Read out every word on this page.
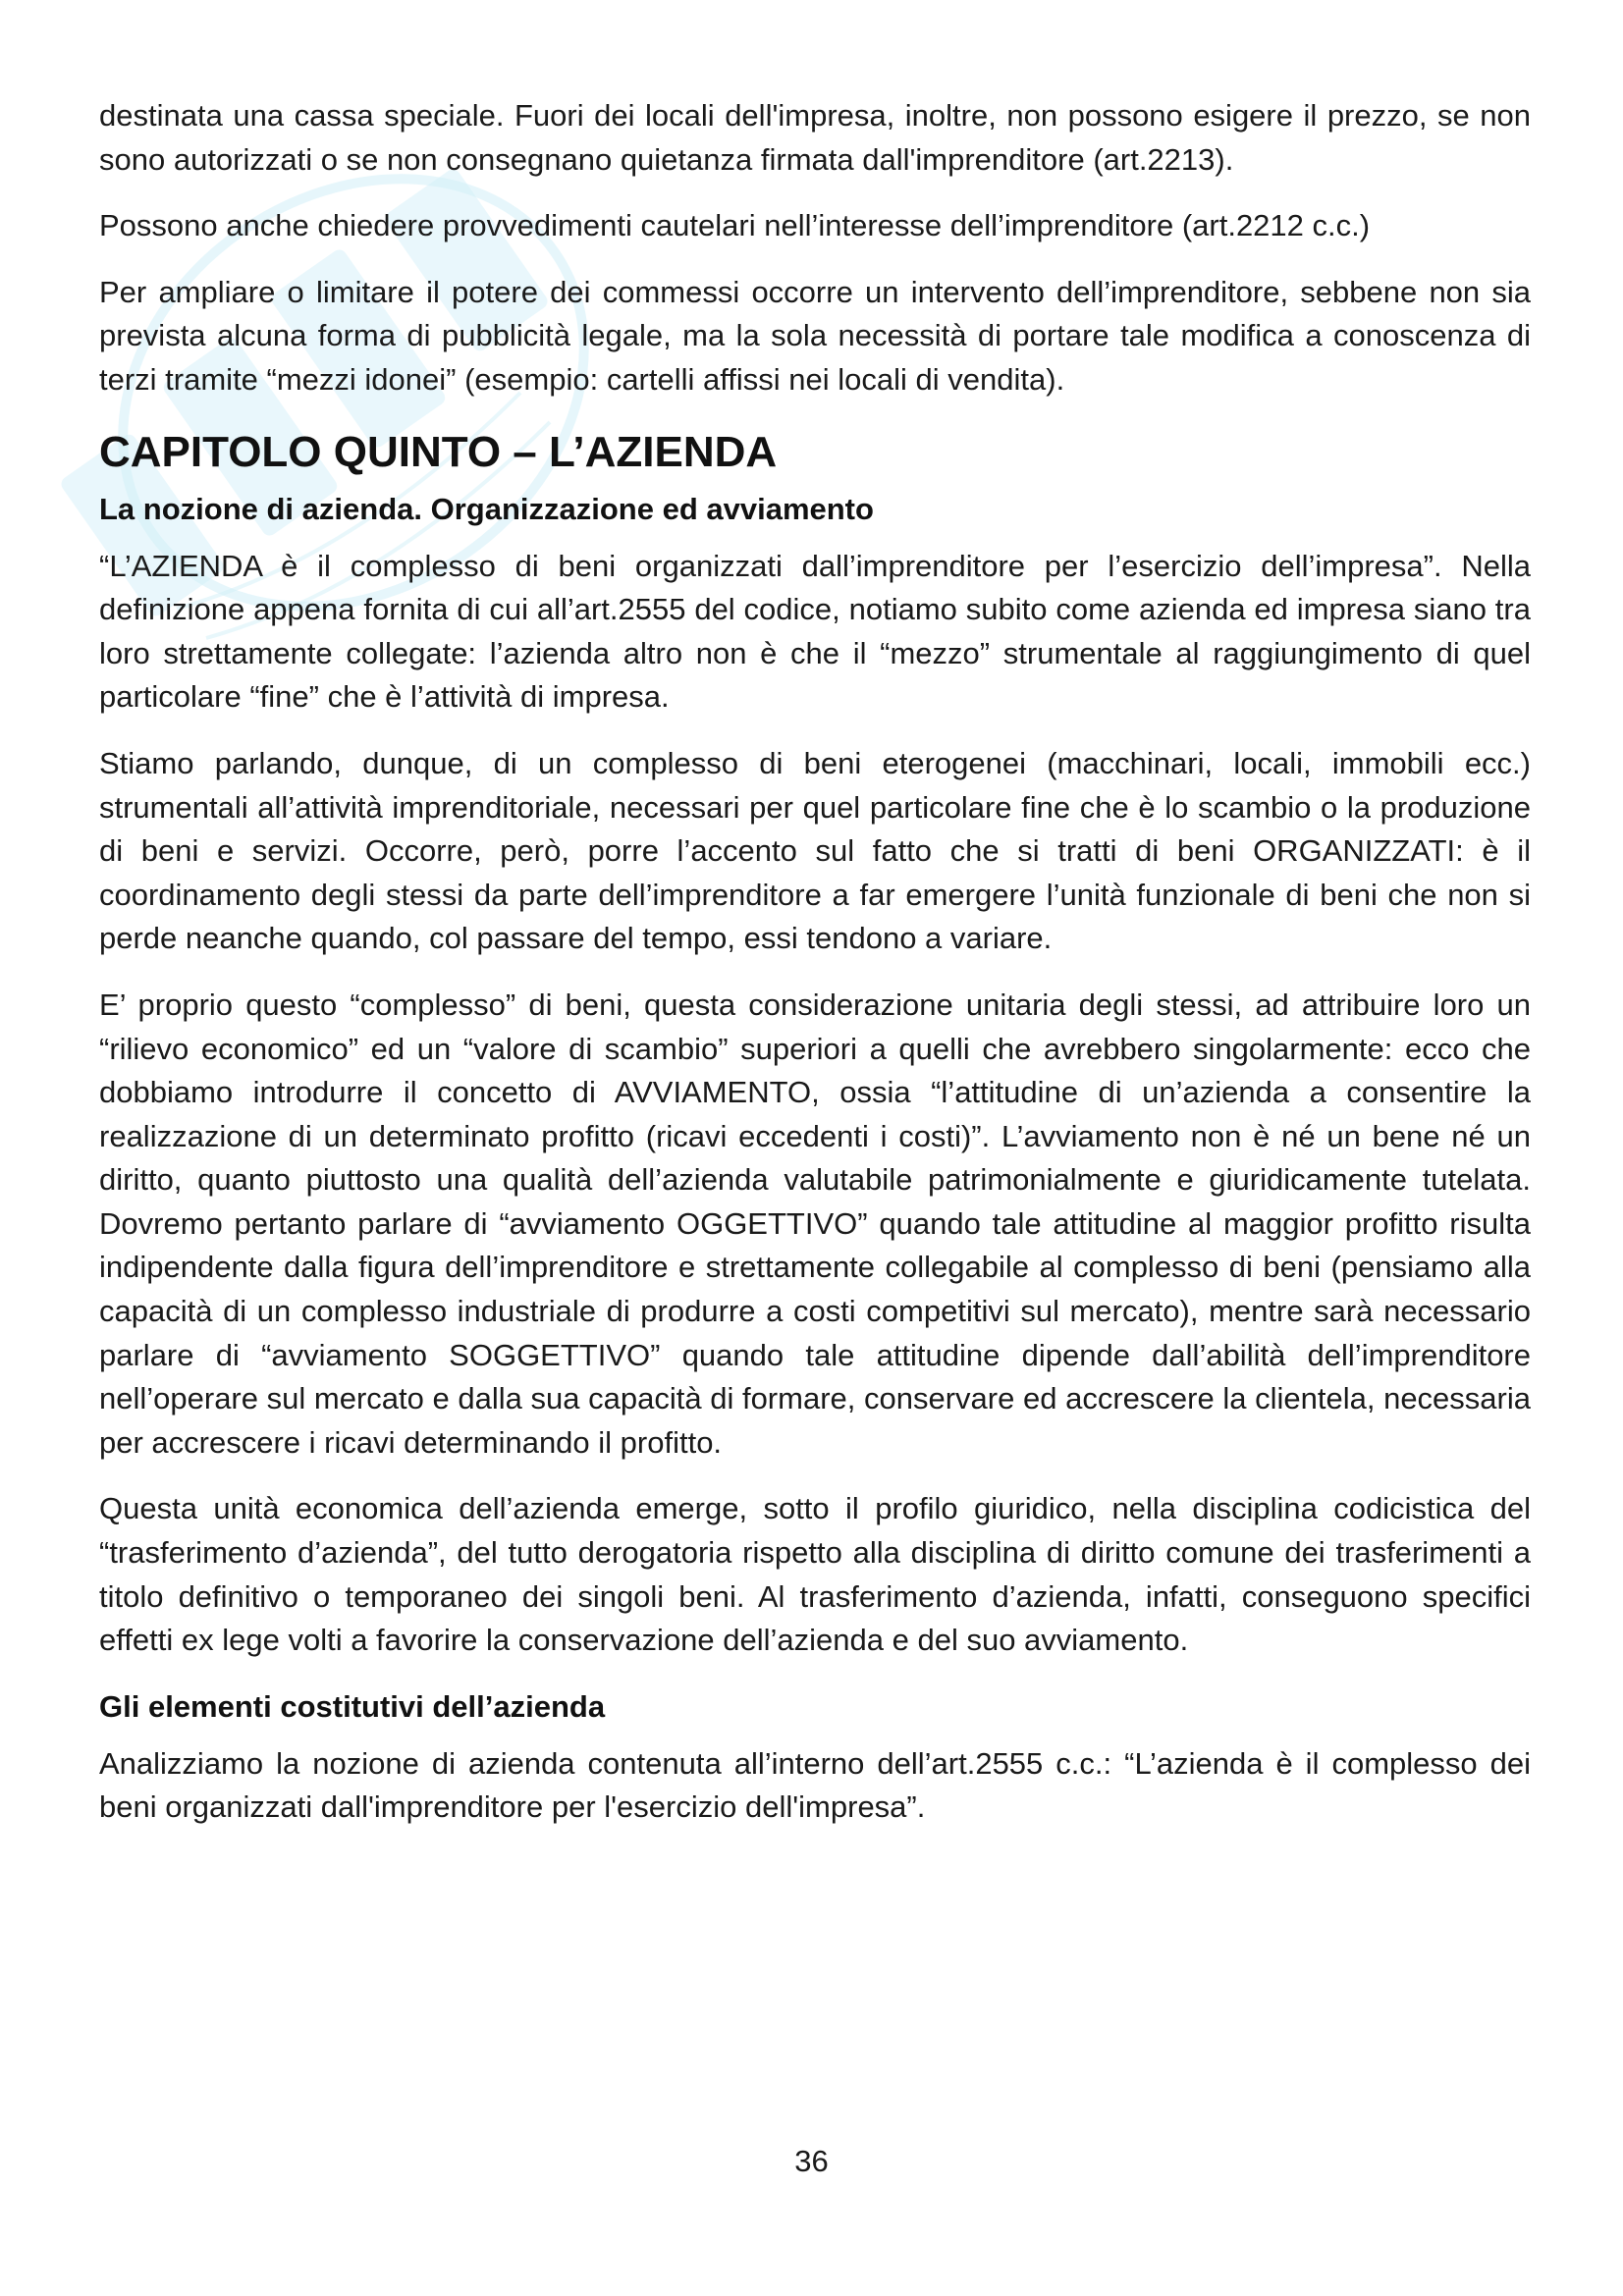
destinata una cassa speciale. Fuori dei locali dell'impresa, inoltre, non possono esigere il prezzo, se non sono autorizzati o se non consegnano quietanza firmata dall'imprenditore (art.2213).

Possono anche chiedere provvedimenti cautelari nell’interesse dell’imprenditore (art.2212 c.c.)

Per ampliare o limitare il potere dei commessi occorre un intervento dell’imprenditore, sebbene non sia prevista alcuna forma di pubblicità legale, ma la sola necessità di portare tale modifica a conoscenza di terzi tramite “mezzi idonei” (esempio: cartelli affissi nei locali di vendita).

CAPITOLO QUINTO – L’AZIENDA
La nozione di azienda. Organizzazione ed avviamento

“L’AZIENDA è il complesso di beni organizzati dall’imprenditore per l’esercizio dell’impresa”. Nella definizione appena fornita di cui all’art.2555 del codice, notiamo subito come azienda ed impresa siano tra loro strettamente collegate: l’azienda altro non è che il “mezzo” strumentale al raggiungimento di quel particolare “fine” che è l’attività di impresa.

Stiamo parlando, dunque, di un complesso di beni eterogenei (macchinari, locali, immobili ecc.) strumentali all’attività imprenditoriale, necessari per quel particolare fine che è lo scambio o la produzione di beni e servizi. Occorre, però, porre l’accento sul fatto che si tratti di beni ORGANIZZATI: è il coordinamento degli stessi da parte dell’imprenditore a far emergere l’unità funzionale di beni che non si perde neanche quando, col passare del tempo, essi tendono a variare.

E’ proprio questo “complesso” di beni, questa considerazione unitaria degli stessi, ad attribuire loro un “rilievo economico” ed un “valore di scambio” superiori a quelli che avrebbero singolarmente: ecco che dobbiamo introdurre il concetto di AVVIAMENTO, ossia “l’attitudine di un’azienda a consentire la realizzazione di un determinato profitto (ricavi eccedenti i costi)”. L’avviamento non è né un bene né un diritto, quanto piuttosto una qualità dell’azienda valutabile patrimonialmente e giuridicamente tutelata. Dovremo pertanto parlare di “avviamento OGGETTIVO” quando tale attitudine al maggior profitto risulta indipendente dalla figura dell’imprenditore e strettamente collegabile al complesso di beni (pensiamo alla capacità di un complesso industriale di produrre a costi competitivi sul mercato), mentre sarà necessario parlare di “avviamento SOGGETTIVO” quando tale attitudine dipende dall’abilità dell’imprenditore nell’operare sul mercato e dalla sua capacità di formare, conservare ed accrescere la clientela, necessaria per accrescere i ricavi determinando il profitto.

Questa unità economica dell’azienda emerge, sotto il profilo giuridico, nella disciplina codicistica del “trasferimento d’azienda”, del tutto derogatoria rispetto alla disciplina di diritto comune dei trasferimenti a titolo definitivo o temporaneo dei singoli beni. Al trasferimento d’azienda, infatti, conseguono specifici effetti ex lege volti a favorire la conservazione dell’azienda e del suo avviamento.

Gli elementi costitutivi dell’azienda

Analizziamo la nozione di azienda contenuta all’interno dell’art.2555 c.c.: “L’azienda è il complesso dei beni organizzati dall'imprenditore per l'esercizio dell'impresa”.

36
